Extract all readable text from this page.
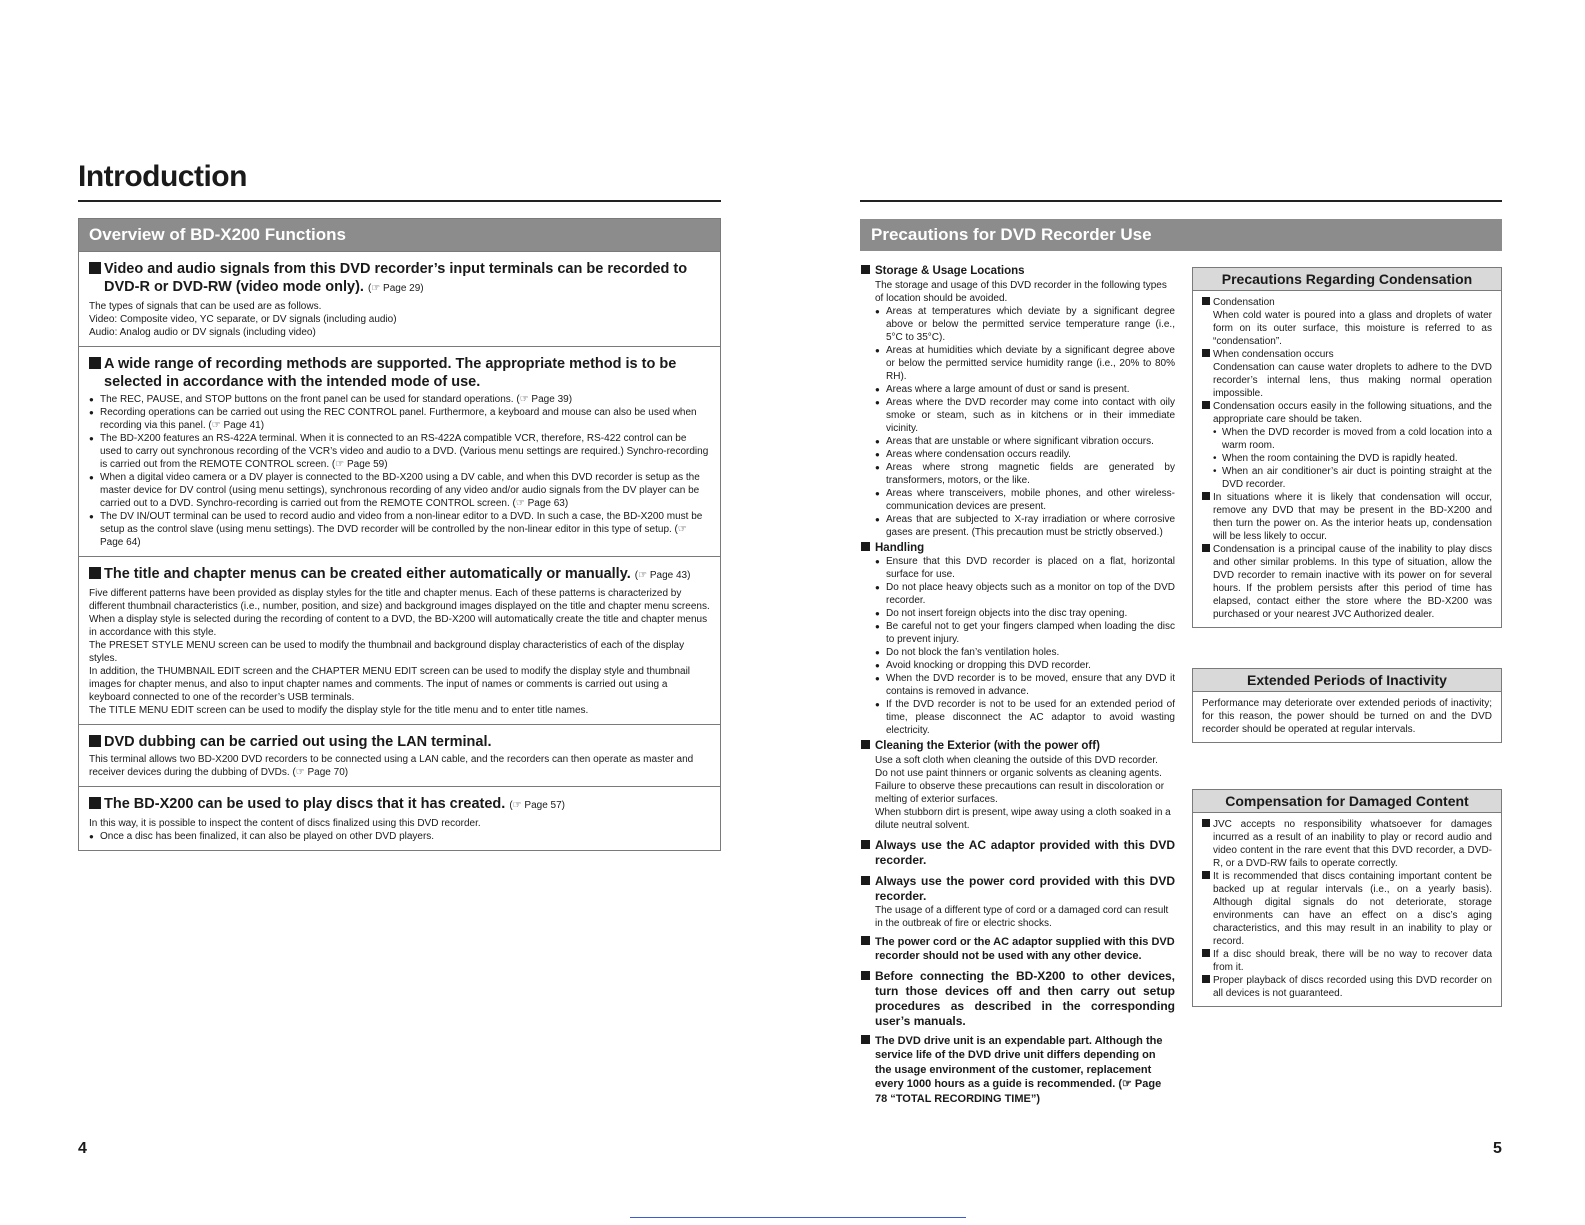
Introduction
Overview of BD-X200 Functions
Video and audio signals from this DVD recorder’s input terminals can be recorded to DVD-R or DVD-RW (video mode only). (☞ Page 29)
The types of signals that can be used are as follows.
Video: Composite video, YC separate, or DV signals (including audio)
Audio: Analog audio or DV signals (including video)
A wide range of recording methods are supported. The appropriate method is to be selected in accordance with the intended mode of use.
● The REC, PAUSE, and STOP buttons on the front panel can be used for standard operations. (☞ Page 39)
● Recording operations can be carried out using the REC CONTROL panel. Furthermore, a keyboard and mouse can also be used when recording via this panel. (☞ Page 41)
● The BD-X200 features an RS-422A terminal. When it is connected to an RS-422A compatible VCR, therefore, RS-422 control can be used to carry out synchronous recording of the VCR’s video and audio to a DVD. (Various menu settings are required.) Synchro-recording is carried out from the REMOTE CONTROL screen. (☞ Page 59)
● When a digital video camera or a DV player is connected to the BD-X200 using a DV cable, and when this DVD recorder is setup as the master device for DV control (using menu settings), synchronous recording of any video and/or audio signals from the DV player can be carried out to a DVD. Synchro-recording is carried out from the REMOTE CONTROL screen. (☞ Page 63)
● The DV IN/OUT terminal can be used to record audio and video from a non-linear editor to a DVD. In such a case, the BD-X200 must be setup as the control slave (using menu settings). The DVD recorder will be controlled by the non-linear editor in this type of setup. (☞ Page 64)
The title and chapter menus can be created either automatically or manually. (☞ Page 43)
Five different patterns have been provided as display styles for the title and chapter menus. Each of these patterns is characterized by different thumbnail characteristics (i.e., number, position, and size) and background images displayed on the title and chapter menu screens.
When a display style is selected during the recording of content to a DVD, the BD-X200 will automatically create the title and chapter menus in accordance with this style.
The PRESET STYLE MENU screen can be used to modify the thumbnail and background display characteristics of each of the display styles.
In addition, the THUMBNAIL EDIT screen and the CHAPTER MENU EDIT screen can be used to modify the display style and thumbnail images for chapter menus, and also to input chapter names and comments. The input of names or comments is carried out using a keyboard connected to one of the recorder’s USB terminals.
The TITLE MENU EDIT screen can be used to modify the display style for the title menu and to enter title names.
DVD dubbing can be carried out using the LAN terminal.
This terminal allows two BD-X200 DVD recorders to be connected using a LAN cable, and the recorders can then operate as master and receiver devices during the dubbing of DVDs. (☞ Page 70)
The BD-X200 can be used to play discs that it has created. (☞ Page 57)
In this way, it is possible to inspect the content of discs finalized using this DVD recorder.
● Once a disc has been finalized, it can also be played on other DVD players.
4
Precautions for DVD Recorder Use
Storage & Usage Locations
The storage and usage of this DVD recorder in the following types of location should be avoided.
● Areas at temperatures which deviate by a significant degree above or below the permitted service temperature range (i.e., 5°C to 35°C).
● Areas at humidities which deviate by a significant degree above or below the permitted service humidity range (i.e., 20% to 80% RH).
● Areas where a large amount of dust or sand is present.
● Areas where the DVD recorder may come into contact with oily smoke or steam, such as in kitchens or in their immediate vicinity.
● Areas that are unstable or where significant vibration occurs.
● Areas where condensation occurs readily.
● Areas where strong magnetic fields are generated by transformers, motors, or the like.
● Areas where transceivers, mobile phones, and other wireless-communication devices are present.
● Areas that are subjected to X-ray irradiation or where corrosive gases are present. (This precaution must be strictly observed.)
Handling
● Ensure that this DVD recorder is placed on a flat, horizontal surface for use.
● Do not place heavy objects such as a monitor on top of the DVD recorder.
● Do not insert foreign objects into the disc tray opening.
● Be careful not to get your fingers clamped when loading the disc to prevent injury.
● Do not block the fan’s ventilation holes.
● Avoid knocking or dropping this DVD recorder.
● When the DVD recorder is to be moved, ensure that any DVD it contains is removed in advance.
● If the DVD recorder is not to be used for an extended period of time, please disconnect the AC adaptor to avoid wasting electricity.
Cleaning the Exterior (with the power off)
Use a soft cloth when cleaning the outside of this DVD recorder.
Do not use paint thinners or organic solvents as cleaning agents.
Failure to observe these precautions can result in discoloration or melting of exterior surfaces.
When stubborn dirt is present, wipe away using a cloth soaked in a dilute neutral solvent.
Always use the AC adaptor provided with this DVD recorder.
Always use the power cord provided with this DVD recorder.
The usage of a different type of cord or a damaged cord can result in the outbreak of fire or electric shocks.
The power cord or the AC adaptor supplied with this DVD recorder should not be used with any other device.
Before connecting the BD-X200 to other devices, turn those devices off and then carry out setup procedures as described in the corresponding user’s manuals.
The DVD drive unit is an expendable part. Although the service life of the DVD drive unit differs depending on the usage environment of the customer, replacement every 1000 hours as a guide is recommended. (☞ Page 78 “TOTAL RECORDING TIME”)
Precautions Regarding Condensation
Condensation
When cold water is poured into a glass and droplets of water form on its outer surface, this moisture is referred to as “condensation”.
When condensation occurs
Condensation can cause water droplets to adhere to the DVD recorder’s internal lens, thus making normal operation impossible.
Condensation occurs easily in the following situations, and the appropriate care should be taken.
• When the DVD recorder is moved from a cold location into a warm room.
• When the room containing the DVD is rapidly heated.
• When an air conditioner’s air duct is pointing straight at the DVD recorder.
In situations where it is likely that condensation will occur, remove any DVD that may be present in the BD-X200 and then turn the power on. As the interior heats up, condensation will be less likely to occur.
Condensation is a principal cause of the inability to play discs and other similar problems. In this type of situation, allow the DVD recorder to remain inactive with its power on for several hours. If the problem persists after this period of time has elapsed, contact either the store where the BD-X200 was purchased or your nearest JVC Authorized dealer.
Extended Periods of Inactivity
Performance may deteriorate over extended periods of inactivity; for this reason, the power should be turned on and the DVD recorder should be operated at regular intervals.
Compensation for Damaged Content
JVC accepts no responsibility whatsoever for damages incurred as a result of an inability to play or record audio and video content in the rare event that this DVD recorder, a DVD-R, or a DVD-RW fails to operate correctly.
It is recommended that discs containing important content be backed up at regular intervals (i.e., on a yearly basis). Although digital signals do not deteriorate, storage environments can have an effect on a disc’s aging characteristics, and this may result in an inability to play or record.
If a disc should break, there will be no way to recover data from it.
Proper playback of discs recorded using this DVD recorder on all devices is not guaranteed.
5
